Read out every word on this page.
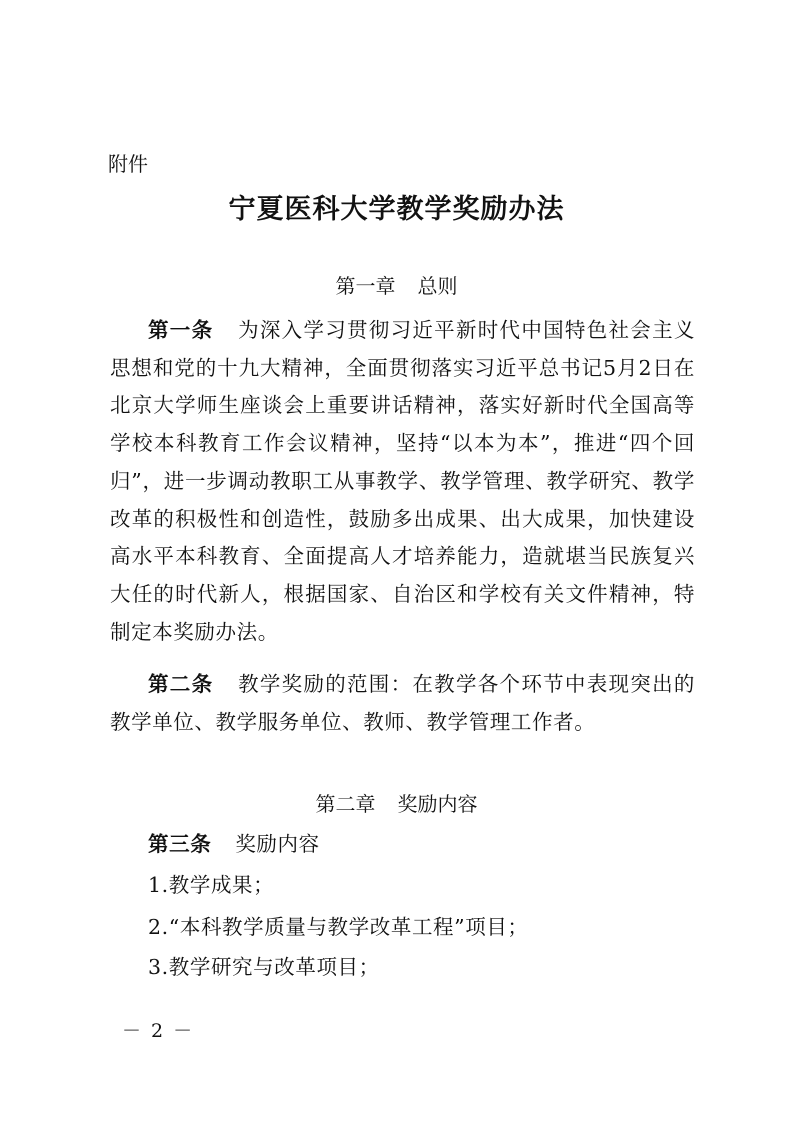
附件
宁夏医科大学教学奖励办法
第一章 总则
第一条 为深入学习贯彻习近平新时代中国特色社会主义思想和党的十九大精神，全面贯彻落实习近平总书记5月2日在北京大学师生座谈会上重要讲话精神，落实好新时代全国高等学校本科教育工作会议精神，坚持“以本为本”，推进“四个回归”，进一步调动教职工从事教学、教学管理、教学研究、教学改革的积极性和创造性，鼓励多出成果、出大成果，加快建设高水平本科教育、全面提高人才培养能力，造就堪当民族复兴大任的时代新人，根据国家、自治区和学校有关文件精神，特制定本奖励办法。
第二条 教学奖励的范围：在教学各个环节中表现突出的教学单位、教学服务单位、教师、教学管理工作者。
第二章 奖励内容
第三条 奖励内容
1.教学成果；
2.“本科教学质量与教学改革工程”项目；
3.教学研究与改革项目；
－ 2 －
